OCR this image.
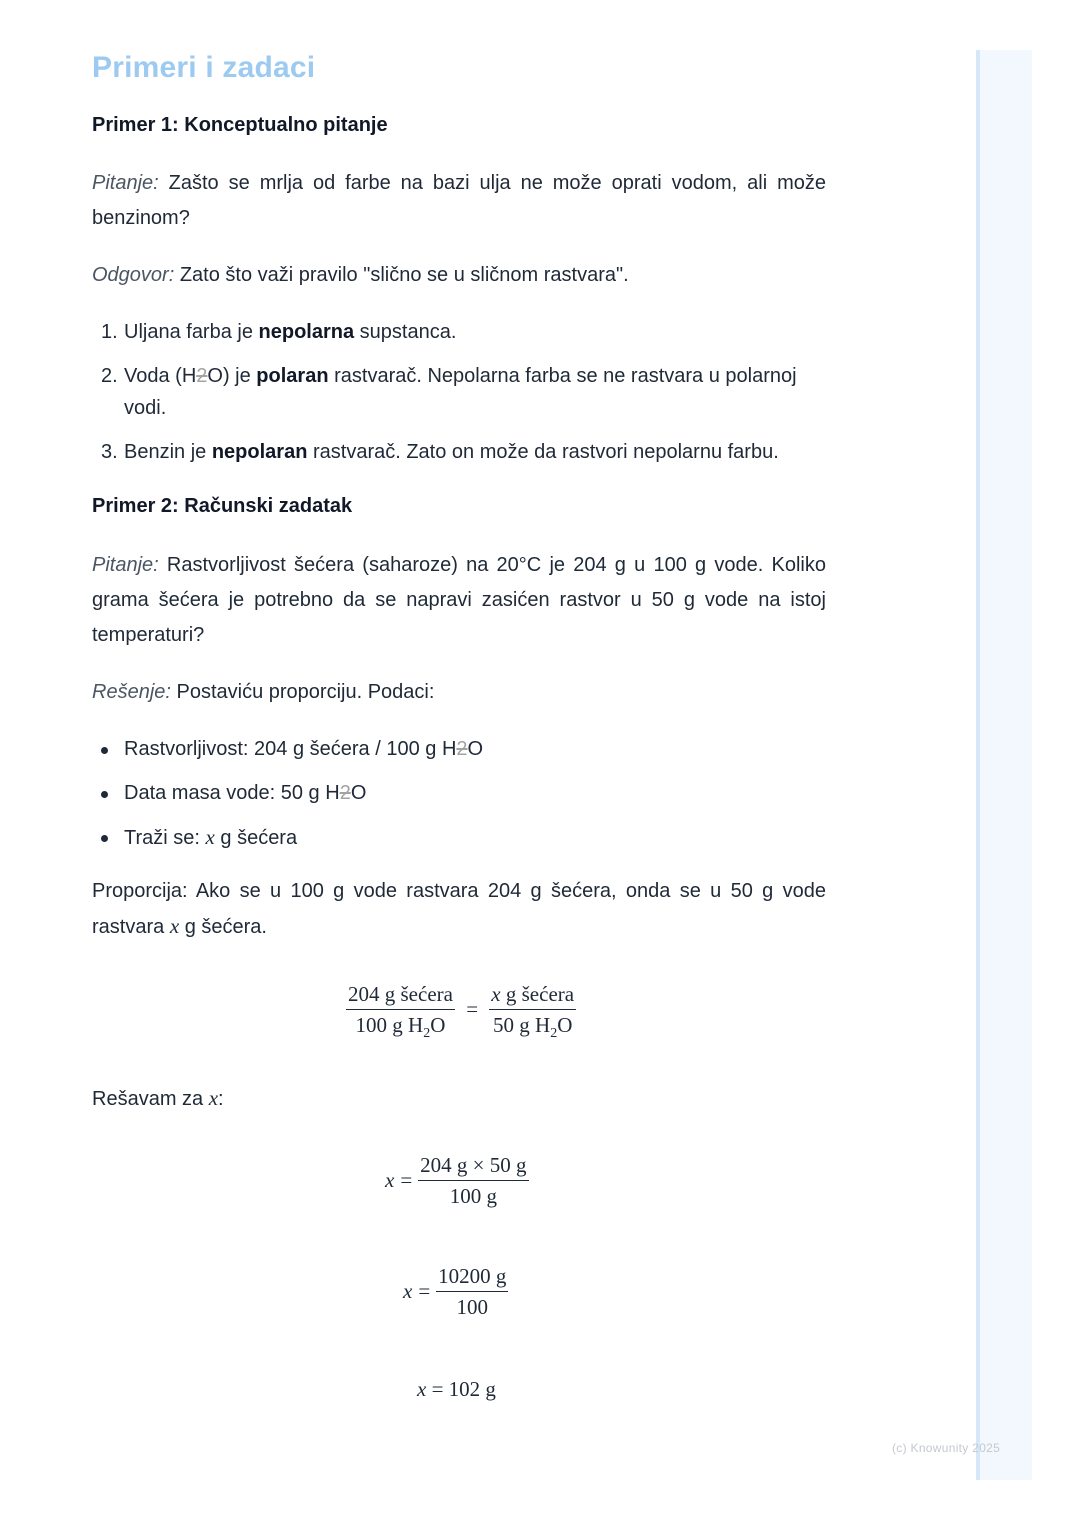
Primeri i zadaci
Primer 1: Konceptualno pitanje

Pitanje: Zašto se mrlja od farbe na bazi ulja ne može oprati vodom, ali može benzinom?

Odgovor: Zato što važi pravilo "slično se u sličnom rastvara".

1. Uljana farba je nepolarna supstanca.
2. Voda (H2O) je polaran rastvarač. Nepolarna farba se ne rastvara u polarnoj vodi.
3. Benzin je nepolaran rastvarač. Zato on može da rastvori nepolarnu farbu.
Primer 2: Računski zadatak

Pitanje: Rastvorljivost šećera (saharoze) na 20°C je 204 g u 100 g vode. Koliko grama šećera je potrebno da se napravi zasićen rastvor u 50 g vode na istoj temperaturi?

Rešenje: Postaviću proporciju. Podaci:

Rastvorljivost: 204 g šećera / 100 g H2O
Data masa vode: 50 g H2O
Traži se: x g šećera

Proporcija: Ako se u 100 g vode rastvara 204 g šećera, onda se u 50 g vode rastvara x g šećera.

$\frac{\text{204 g šećera}}{100 g H_2O} = \frac{\text{x g šećera}}{50 g H_2O}$

Rešavam za x:

$x = \frac{204 g \times 50 g}{100 g}$
$x = \frac{10200 g}{100}$
x = 102 g
(c) Knowunity 2025
